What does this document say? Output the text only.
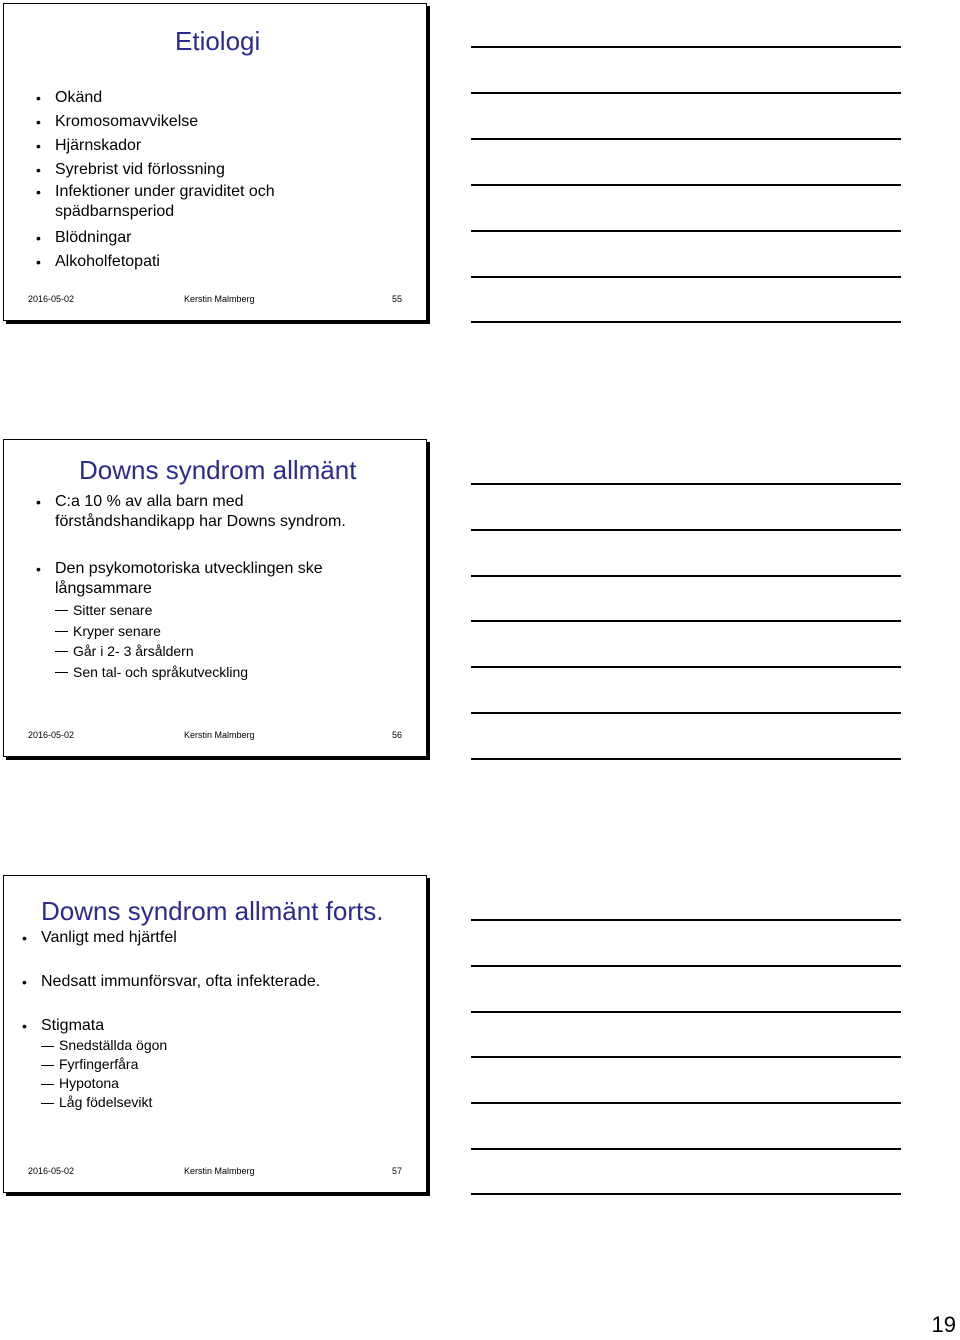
Etiologi
• Okänd
• Kromosomavvikelse
• Hjärnskador
• Syrebrist vid förlossning
• Infektioner under graviditet och spädbarnsperiod
• Blödningar
• Alkoholfetopati
2016-05-02	Kerstin Malmberg	55
Downs syndrom allmänt
• C:a 10 % av alla barn med förståndshandikapp har Downs syndrom.
• Den psykomotoriska utvecklingen ske långsammare
Sitter senare
Kryper senare
Går i 2- 3 årsåldern
Sen tal- och språkutveckling
2016-05-02	Kerstin Malmberg	56
Downs syndrom allmänt forts.
• Vanligt med hjärtfel
• Nedsatt immunförsvar, ofta infekterade.
• Stigmata
Snedställda ögon
Fyrfingerfåra
Hypotona
Låg födelsevikt
2016-05-02	Kerstin Malmberg	57
19
